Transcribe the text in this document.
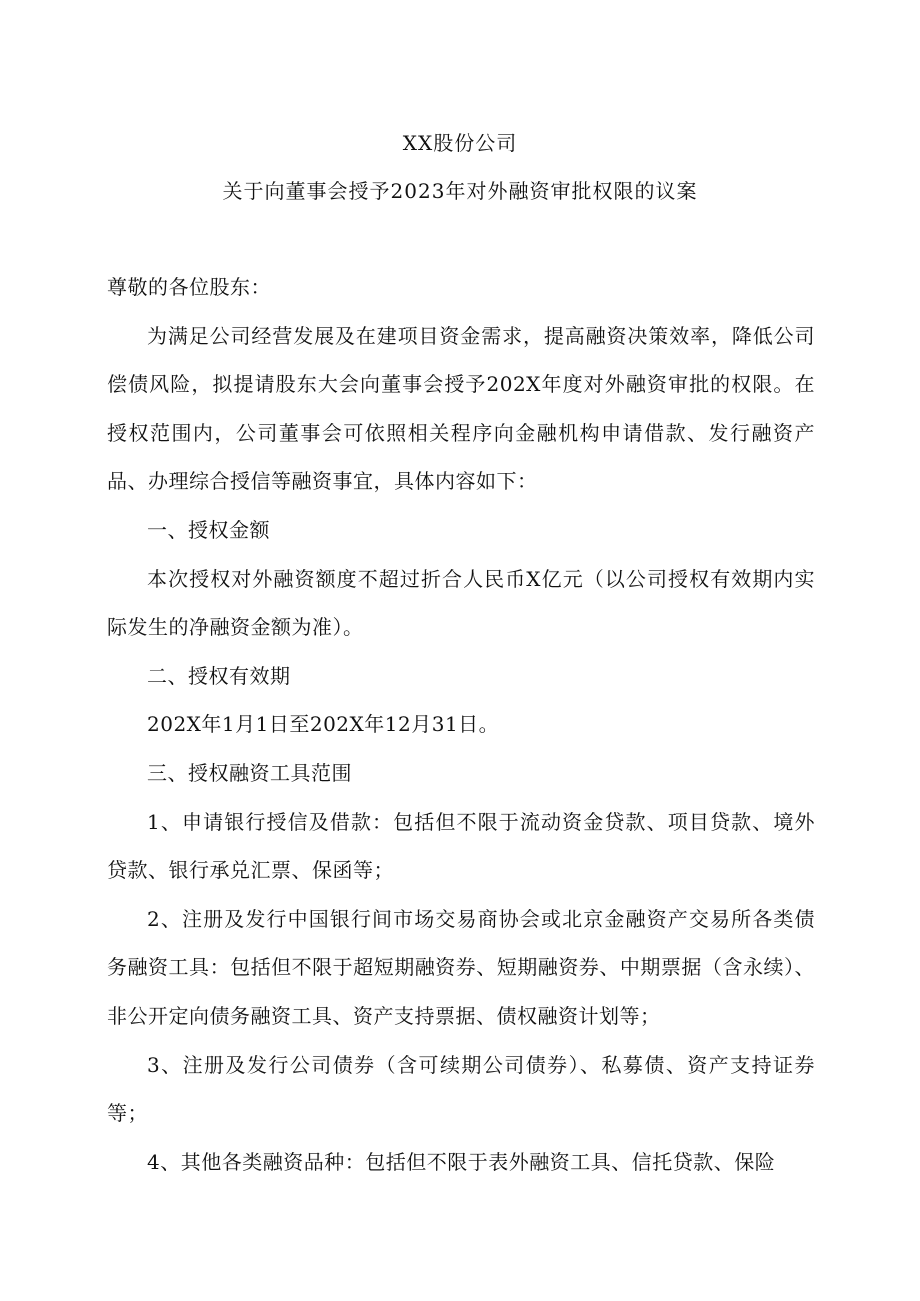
XX股份公司
关于向董事会授予2023年对外融资审批权限的议案

尊敬的各位股东：

为满足公司经营发展及在建项目资金需求，提高融资决策效率，降低公司偿债风险，拟提请股东大会向董事会授予202X年度对外融资审批的权限。在授权范围内，公司董事会可依照相关程序向金融机构申请借款、发行融资产品、办理综合授信等融资事宜，具体内容如下：

一、授权金额

本次授权对外融资额度不超过折合人民币X亿元（以公司授权有效期内实际发生的净融资金额为准）。

二、授权有效期

202X年1月1日至202X年12月31日。

三、授权融资工具范围

1、申请银行授信及借款：包括但不限于流动资金贷款、项目贷款、境外贷款、银行承兑汇票、保函等；

2、注册及发行中国银行间市场交易商协会或北京金融资产交易所各类债务融资工具：包括但不限于超短期融资券、短期融资券、中期票据（含永续）、非公开定向债务融资工具、资产支持票据、债权融资计划等；

3、注册及发行公司债券（含可续期公司债券）、私募债、资产支持证券等；

4、其他各类融资品种：包括但不限于表外融资工具、信托贷款、保险
